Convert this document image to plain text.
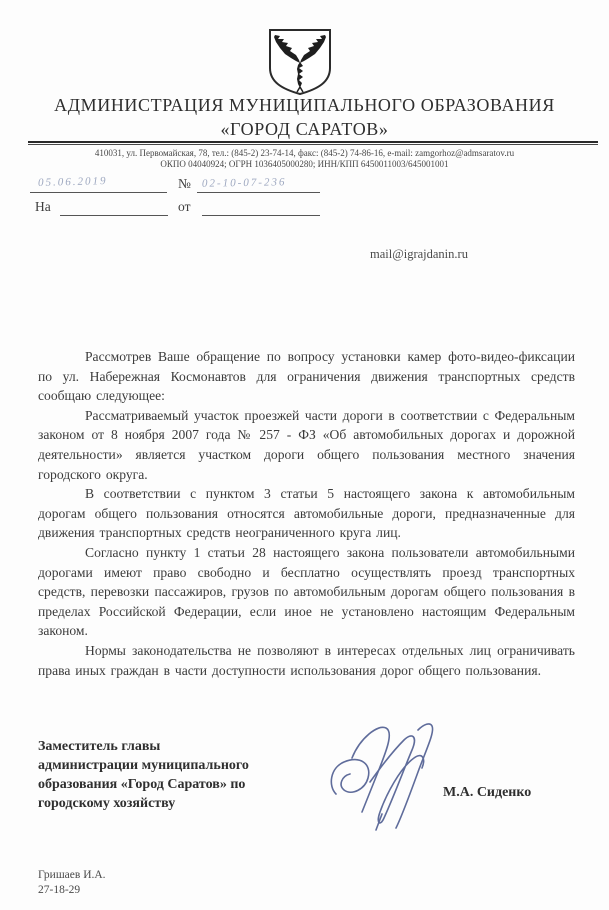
АДМИНИСТРАЦИЯ МУНИЦИПАЛЬНОГО ОБРАЗОВАНИЯ
«ГОРОД САРАТОВ»
410031, ул. Первомайская, 78, тел.: (845-2) 23-74-14, факс: (845-2) 74-86-16, e-mail: zamgorhoz@admsaratov.ru
ОКПО 04040924; ОГРН 1036405000280; ИНН/КПП 6450011003/645001001
05.06.2019	№ 02-10-07-236
На	от
mail@igrajdanin.ru

Рассмотрев Ваше обращение по вопросу установки камер фото-видео-фиксации по ул. Набережная Космонавтов для ограничения движения транспортных средств сообщаю следующее:

Рассматриваемый участок проезжей части дороги в соответствии с Федеральным законом от 8 ноября 2007 года № 257 - ФЗ «Об автомобильных дорогах и дорожной деятельности» является участком дороги общего пользования местного значения городского округа.

В соответствии с пунктом 3 статьи 5 настоящего закона к автомобильным дорогам общего пользования относятся автомобильные дороги, предназначенные для движения транспортных средств неограниченного круга лиц.

Согласно пункту 1 статьи 28 настоящего закона пользователи автомобильными дорогами имеют право свободно и бесплатно осуществлять проезд транспортных средств, перевозки пассажиров, грузов по автомобильным дорогам общего пользования в пределах Российской Федерации, если иное не установлено настоящим Федеральным законом.

Нормы законодательства не позволяют в интересах отдельных лиц ограничивать права иных граждан в части доступности использования дорог общего пользования.

Заместитель главы
администрации муниципального
образования «Город Саратов» по
городскому хозяйству
М.А. Сиденко
Гришаев И.А.
27-18-29
